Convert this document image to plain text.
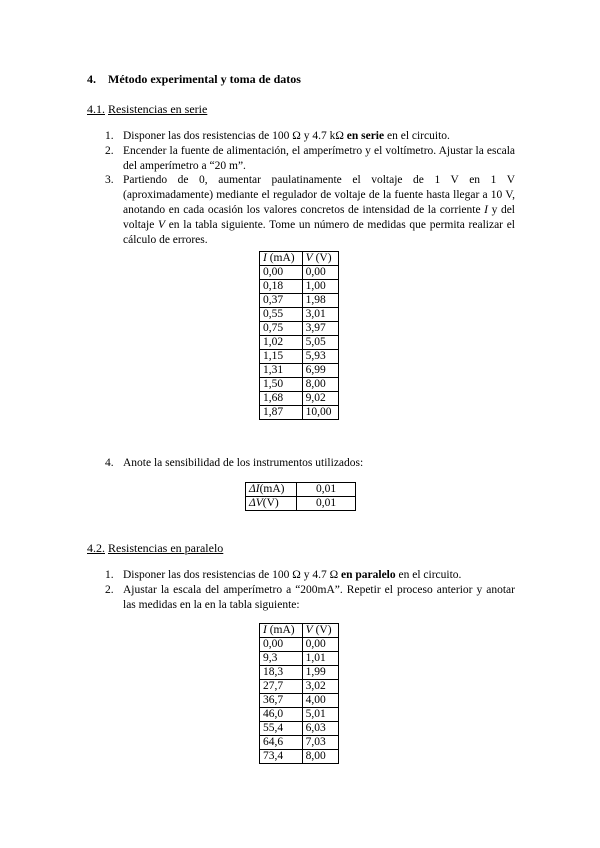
4. Método experimental y toma de datos
4.1. Resistencias en serie
1. Disponer las dos resistencias de 100 Ω y 4.7 kΩ en serie en el circuito.
2. Encender la fuente de alimentación, el amperímetro y el voltímetro. Ajustar la escala del amperímetro a “20 m”.
3. Partiendo de 0, aumentar paulatinamente el voltaje de 1 V en 1 V (aproximadamente) mediante el regulador de voltaje de la fuente hasta llegar a 10 V, anotando en cada ocasión los valores concretos de intensidad de la corriente I y del voltaje V en la tabla siguiente. Tome un número de medidas que permita realizar el cálculo de errores.
I (mA)	V (V)
0,00	0,00
0,18	1,00
0,37	1,98
0,55	3,01
0,75	3,97
1,02	5,05
1,15	5,93
1,31	6,99
1,50	8,00
1,68	9,02
1,87	10,00
4. Anote la sensibilidad de los instrumentos utilizados:
ΔI(mA)	0,01
ΔV(V)	0,01
4.2. Resistencias en paralelo
1. Disponer las dos resistencias de 100 Ω y 4.7 Ω en paralelo en el circuito.
2. Ajustar la escala del amperímetro a “200mA”. Repetir el proceso anterior y anotar las medidas en la en la tabla siguiente:
I (mA)	V (V)
0,00	0,00
9,3	1,01
18,3	1,99
27,7	3,02
36,7	4,00
46,0	5,01
55,4	6,03
64,6	7,03
73,4	8,00
